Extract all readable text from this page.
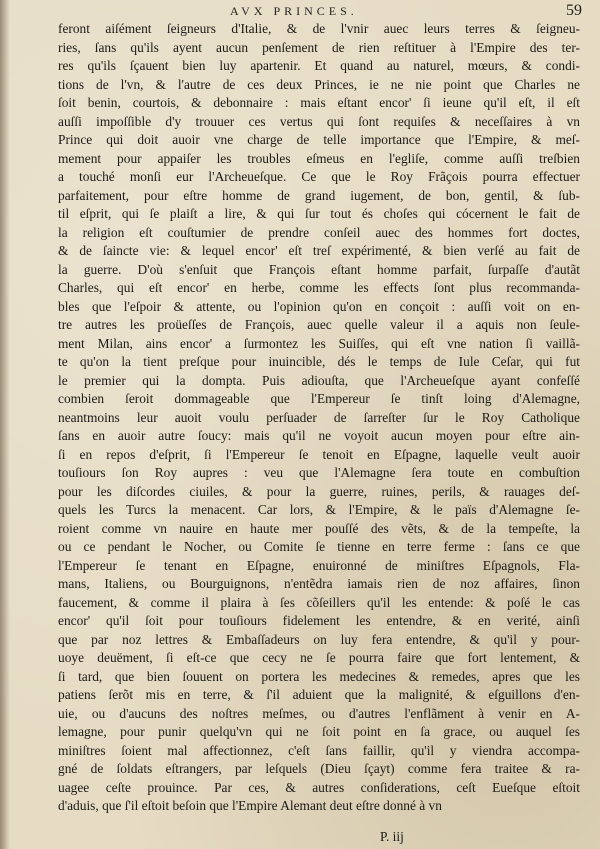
AVX PRINCES.	59
feront aiſément ſeigneurs d'Italie, & de l'vnir auec leurs terres & ſeigneu-
ries, ſans qu'ils ayent aucun penſement de rien reſtituer à l'Empire des ter-
res qu'ils ſçauent bien luy apartenir. Et quand au naturel, mœurs, & condi-
tions de l'vn, & l'autre de ces deux Princes, ie ne nie point que Charles ne
ſoit benin, courtois, & debonnaire : mais eſtant encor' ſi ieune qu'il eſt, il eſt
auſſi impoſſible d'y trouuer ces vertus qui ſont requiſes & neceſſaires à vn
Prince qui doit auoir vne charge de telle importance que l'Empire, & meſ-
mement pour appaiſer les troubles eſmeus en l'egliſe, comme auſſi treſbien
a touché monſi eur l'Archeueſque. Ce que le Roy Frãçois pourra effectuer
parfaitement, pour eſtre homme de grand iugement, de bon, gentil, & ſub-
til eſprit, qui ſe plaiſt a lire, & qui ſur tout és choſes qui cócernent le fait de
la religion eſt couſtumier de prendre conſeil auec des hommes fort doctes,
& de ſaincte vie: & lequel encor' eſt treſ expérimenté, & bien verſé au fait de
la guerre. D'où s'enſuit que François eſtant homme parfait, ſurpaſſe d'autãt
Charles, qui eſt encor' en herbe, comme les effects ſont plus recommanda-
bles que l'eſpoir & attente, ou l'opinion qu'on en conçoit : auſſi voit on en-
tre autres les proüeſſes de François, auec quelle valeur il a aquis non ſeule-
ment Milan, ains encor' a ſurmontez les Suiſſes, qui eſt vne nation ſi vaillã-
te qu'on la tient preſque pour inuincible, dés le temps de Iule Ceſar, qui fut
le premier qui la dompta. Puis adiouſta, que l'Archeueſque ayant confeſſé
combien ſeroit dommageable que l'Empereur ſe tinſt loing d'Alemagne,
neantmoins leur auoit voulu perſuader de ſarreſter ſur le Roy Catholique
ſans en auoir autre ſoucy: mais qu'il ne voyoit aucun moyen pour eſtre ain-
ſi en repos d'eſprit, ſi l'Empereur ſe tenoit en Eſpagne, laquelle veult auoir
touſiours ſon Roy aupres : veu que l'Alemagne ſera toute en combuſtion
pour les diſcordes ciuiles, & pour la guerre, ruines, perils, & rauages deſ-
quels les Turcs la menacent. Car lors, & l'Empire, & le païs d'Alemagne ſe-
roient comme vn nauire en haute mer pouſſé des vẽts, & de la tempeſte, la
ou ce pendant le Nocher, ou Comite ſe tienne en terre ferme : ſans ce que
l'Empereur ſe tenant en Eſpagne, enuironné de miniſtres Eſpagnols, Fla-
mans, Italiens, ou Bourguignons, n'entẽdra iamais rien de noz affaires, ſinon
faucement, & comme il plaira à ſes cõſeillers qu'il les entende: & poſé le cas
encor' qu'il ſoit pour touſiours fidelement les entendre, & en verité, ainſi
que par noz lettres & Embaſſadeurs on luy fera entendre, & qu'il y pour-
uoye deuëment, ſi eſt-ce que cecy ne ſe pourra faire que fort lentement, &
ſi tard, que bien ſouuent on portera les medecines & remedes, apres que les
patiens ſerõt mis en terre, & ſ'il aduient que la malignité, & eſguillons d'en-
uie, ou d'aucuns des noſtres meſmes, ou d'autres l'enflãment à venir en A-
lemagne, pour punir quelqu'vn qui ne ſoit point en ſa grace, ou auquel ſes
miniſtres ſoient mal affectionnez, c'eſt ſans faillir, qu'il y viendra accompa-
gné de ſoldats eſtrangers, par leſquels (Dieu ſçayt) comme fera traitee & ra-
uagee ceſte prouince. Par ces, & autres conſiderations, ceſt Eueſque eſtoit
d'aduis, que ſ'il eſtoit beſoin que l'Empire Alemant deut eſtre donné à vn
P. iij
